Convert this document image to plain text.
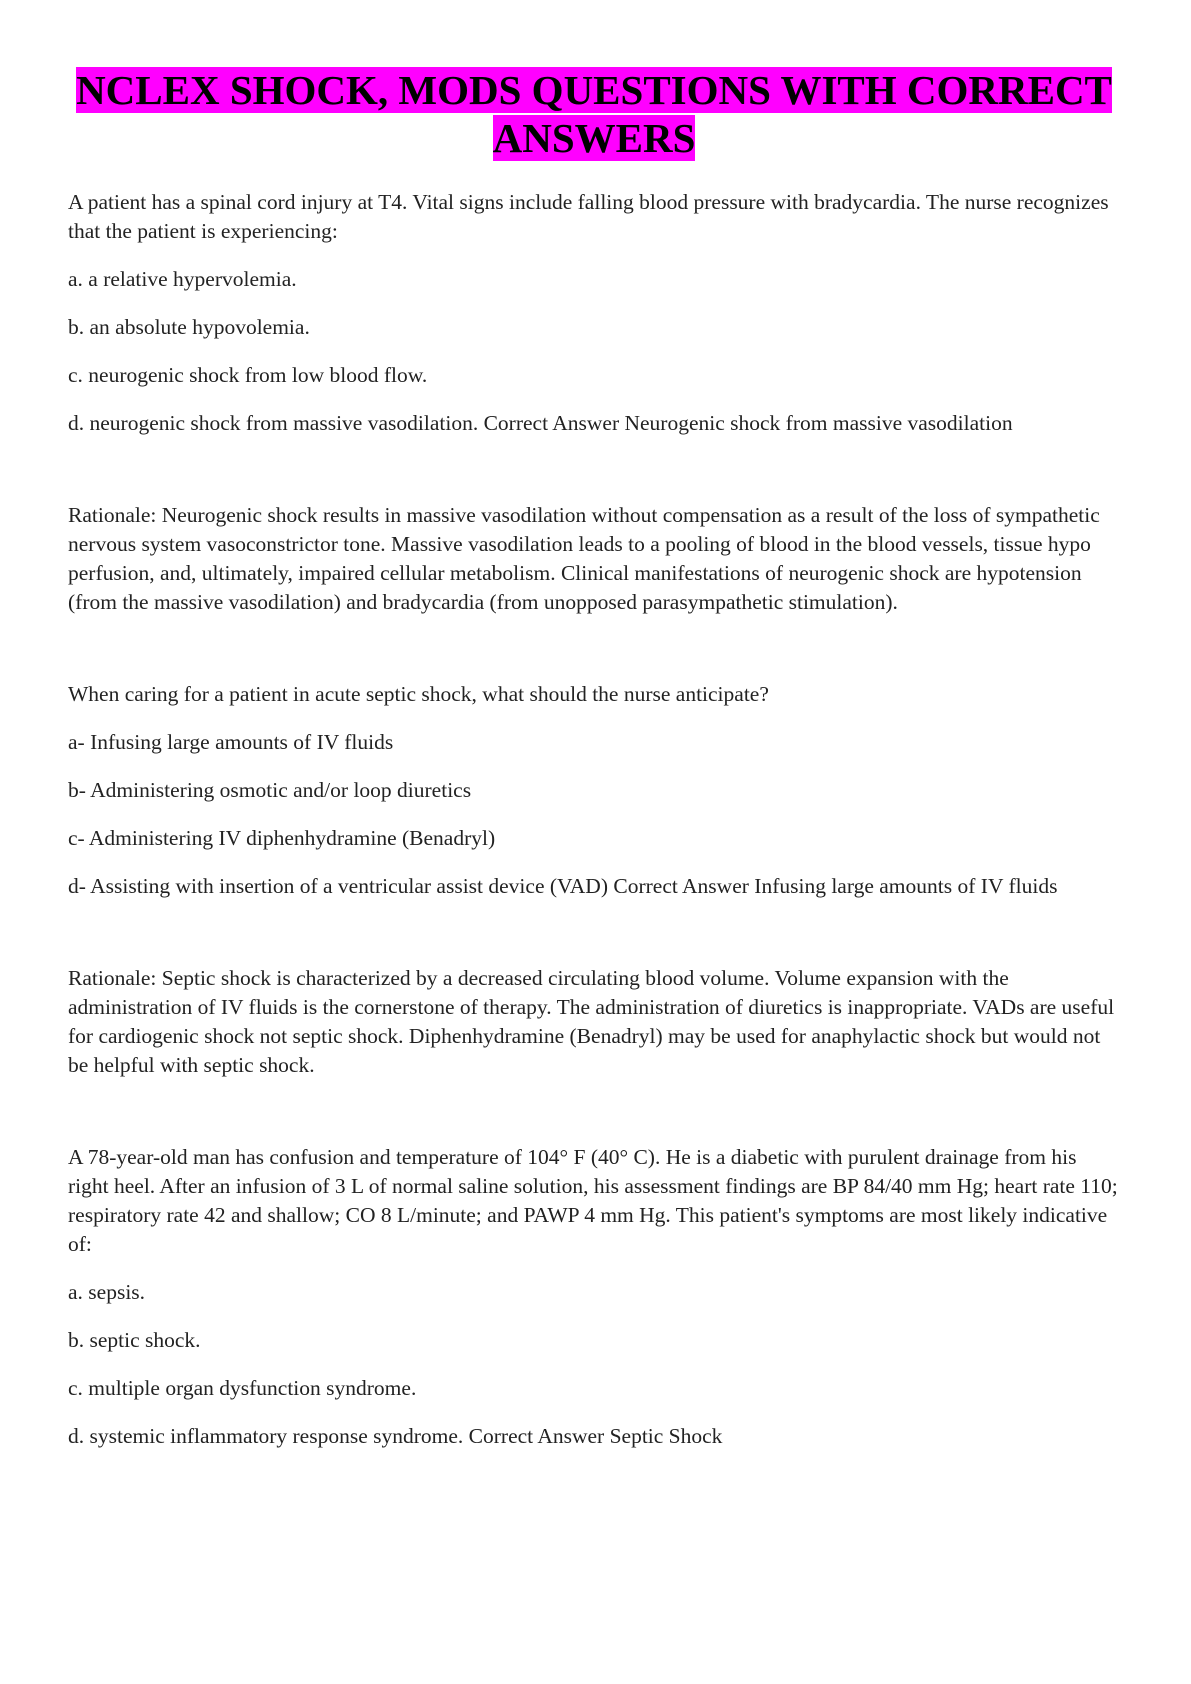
NCLEX SHOCK, MODS QUESTIONS WITH CORRECT
ANSWERS

A patient has a spinal cord injury at T4. Vital signs include falling blood pressure with bradycardia. The nurse recognizes that the patient is experiencing:

a. a relative hypervolemia.

b. an absolute hypovolemia.

c. neurogenic shock from low blood flow.

d. neurogenic shock from massive vasodilation. Correct Answer Neurogenic shock from massive vasodilation

Rationale: Neurogenic shock results in massive vasodilation without compensation as a result of the loss of sympathetic nervous system vasoconstrictor tone. Massive vasodilation leads to a pooling of blood in the blood vessels, tissue hypo perfusion, and, ultimately, impaired cellular metabolism. Clinical manifestations of neurogenic shock are hypotension (from the massive vasodilation) and bradycardia (from unopposed parasympathetic stimulation).

When caring for a patient in acute septic shock, what should the nurse anticipate?

a- Infusing large amounts of IV fluids

b- Administering osmotic and/or loop diuretics

c- Administering IV diphenhydramine (Benadryl)

d- Assisting with insertion of a ventricular assist device (VAD) Correct Answer Infusing large amounts of IV fluids

Rationale: Septic shock is characterized by a decreased circulating blood volume. Volume expansion with the administration of IV fluids is the cornerstone of therapy. The administration of diuretics is inappropriate. VADs are useful for cardiogenic shock not septic shock. Diphenhydramine (Benadryl) may be used for anaphylactic shock but would not be helpful with septic shock.

A 78-year-old man has confusion and temperature of 104° F (40° C). He is a diabetic with purulent drainage from his right heel. After an infusion of 3 L of normal saline solution, his assessment findings are BP 84/40 mm Hg; heart rate 110; respiratory rate 42 and shallow; CO 8 L/minute; and PAWP 4 mm Hg. This patient's symptoms are most likely indicative of:

a. sepsis.

b. septic shock.

c. multiple organ dysfunction syndrome.

d. systemic inflammatory response syndrome. Correct Answer Septic Shock
